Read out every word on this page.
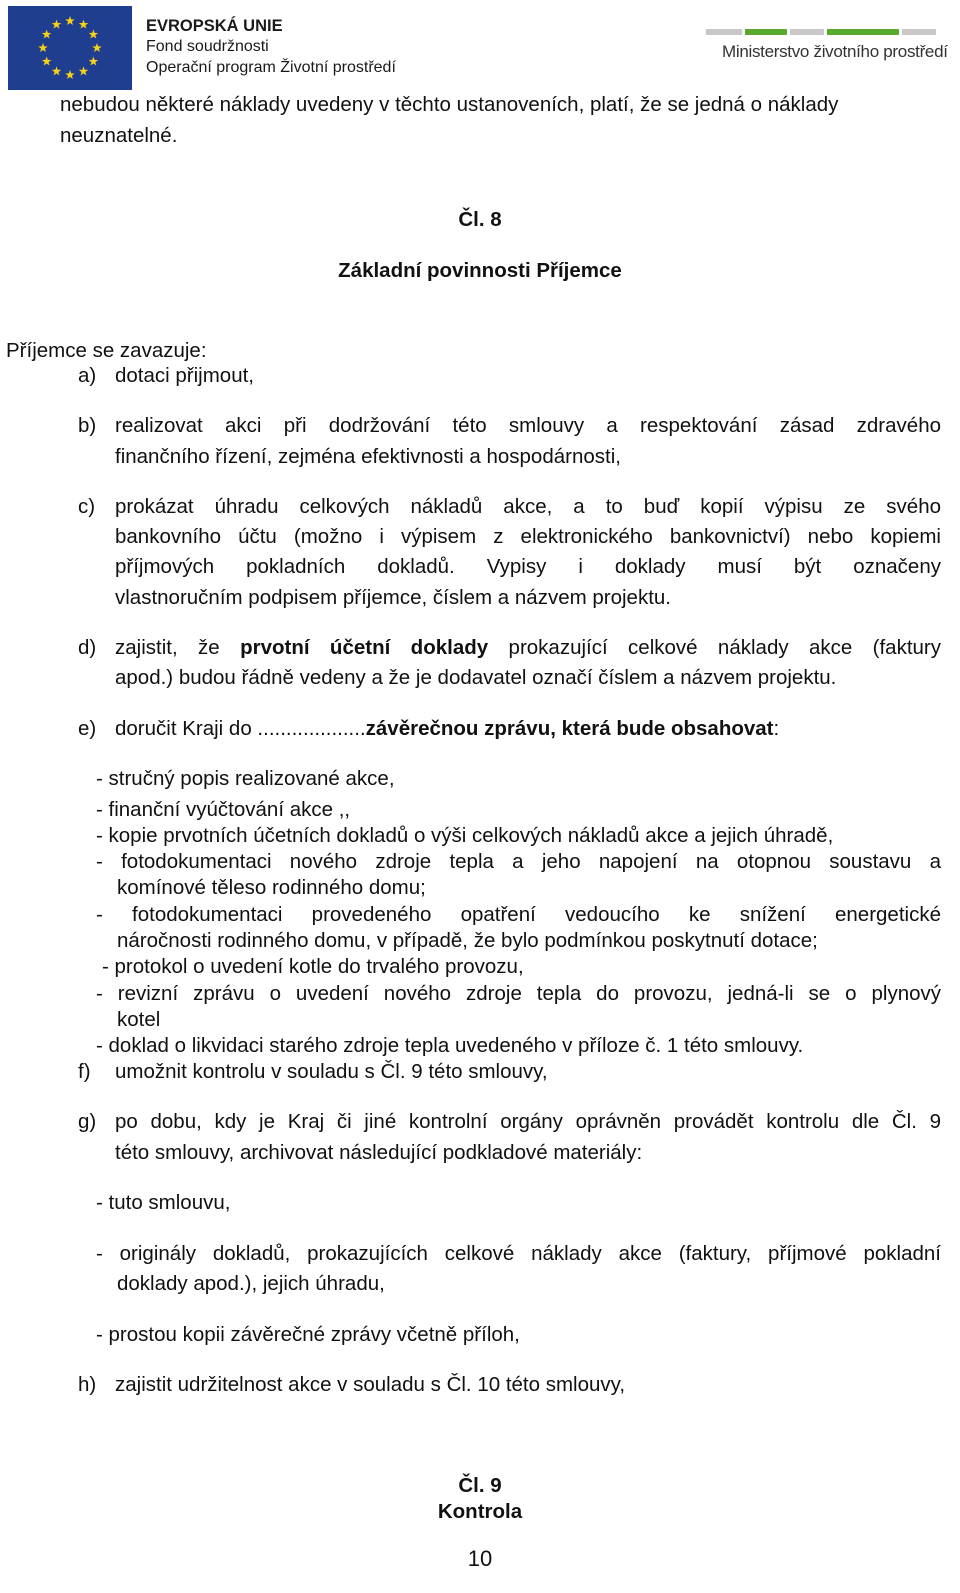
EVROPSKÁ UNIE
Fond soudržnosti
Operační program Životní prostředí
Ministerstvo životního prostředí
nebudou některé náklady uvedeny v těchto ustanoveních, platí, že se jedná o náklady
neuznatelné.
Čl. 8
Základní povinnosti Příjemce
Příjemce se zavazuje:
a) dotaci přijmout,
b) realizovat akci při dodržování této smlouvy a respektování zásad zdravého
finančního řízení, zejména efektivnosti a hospodárnosti,
c) prokázat úhradu celkových nákladů akce, a to buď kopií výpisu ze svého
bankovního účtu (možno i výpisem z elektronického bankovnictví) nebo kopiemi
příjmových pokladních dokladů. Vypisy i doklady musí být označeny
vlastnoručním podpisem příjemce, číslem a názvem projektu.
d) zajistit, že prvotní účetní doklady prokazující celkové náklady akce (faktury
apod.) budou řádně vedeny a že je dodavatel označí číslem a názvem projektu.
e) doručit Kraji do ...................závěrečnou zprávu, která bude obsahovat:
- stručný popis realizované akce,
- finanční vyúčtování akce ,,
- kopie prvotních účetních dokladů o výši celkových nákladů akce a jejich úhradě,
- fotodokumentaci nového zdroje tepla a jeho napojení na otopnou soustavu a
komínové těleso rodinného domu;
- fotodokumentaci provedeného opatření vedoucího ke snížení energetické
náročnosti rodinného domu, v případě, že bylo podmínkou poskytnutí dotace;
- protokol o uvedení kotle do trvalého provozu,
- revizní zprávu o uvedení nového zdroje tepla do provozu, jedná-li se o plynový
kotel
- doklad o likvidaci starého zdroje tepla uvedeného v příloze č. 1 této smlouvy.
f) umožnit kontrolu v souladu s Čl. 9 této smlouvy,
g) po dobu, kdy je Kraj či jiné kontrolní orgány oprávněn provádět kontrolu dle Čl. 9
této smlouvy, archivovat následující podkladové materiály:
- tuto smlouvu,
- originály dokladů, prokazujících celkové náklady akce (faktury, příjmové pokladní
doklady apod.), jejich úhradu,
- prostou kopii závěrečné zprávy včetně příloh,
h) zajistit udržitelnost akce v souladu s Čl. 10 této smlouvy,
Čl. 9
Kontrola
10
